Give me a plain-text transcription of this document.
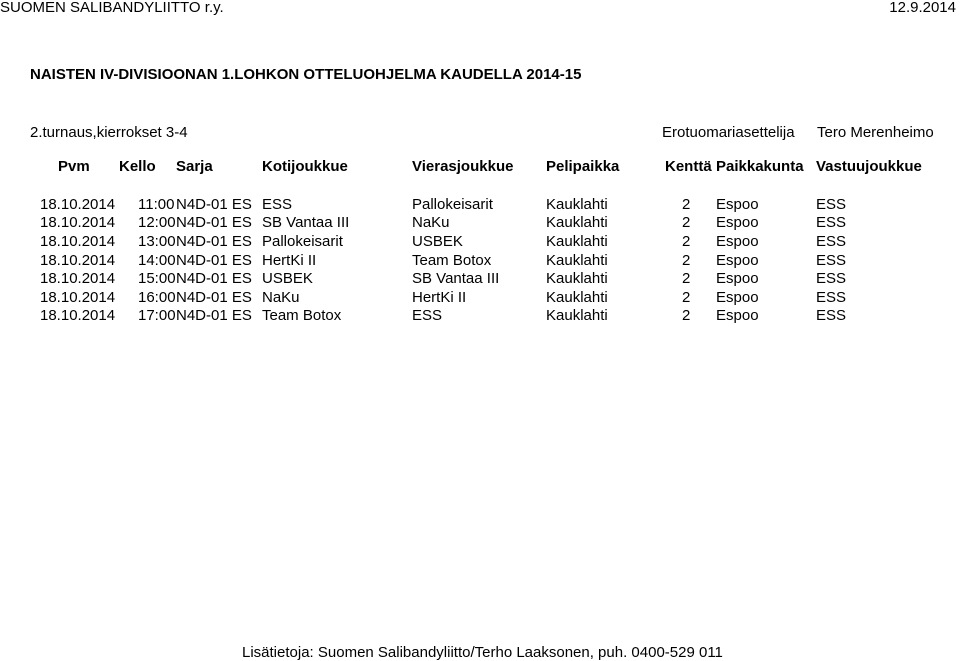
SUOMEN SALIBANDYLIITTO r.y.	12.9.2014
NAISTEN IV-DIVISIOONAN 1.LOHKON OTTELUOHJELMA KAUDELLA 2014-15
2.turnaus,kierrokset 3-4	Erotuomariasettelija Tero Merenheimo
Pvm Kello Sarja	Kotijoukkue	Vierasjoukkue Pelipaikka	Kenttä Paikkakunta Vastuujoukkue
18.10.2014 11:00 N4D-01 ES ESS	Pallokeisarit	Kauklahti	2 Espoo	ESS
18.10.2014 12:00 N4D-01 ES SB Vantaa III	NaKu	Kauklahti	2 Espoo	ESS
18.10.2014 13:00 N4D-01 ES Pallokeisarit	USBEK	Kauklahti	2 Espoo	ESS
18.10.2014 14:00 N4D-01 ES HertKi II	Team Botox	Kauklahti	2 Espoo	ESS
18.10.2014 15:00 N4D-01 ES USBEK	SB Vantaa III	Kauklahti	2 Espoo	ESS
18.10.2014 16:00 N4D-01 ES NaKu	HertKi II	Kauklahti	2 Espoo	ESS
18.10.2014 17:00 N4D-01 ES Team Botox	ESS	Kauklahti	2 Espoo	ESS
Lisätietoja: Suomen Salibandyliitto/Terho Laaksonen, puh. 0400-529 011
